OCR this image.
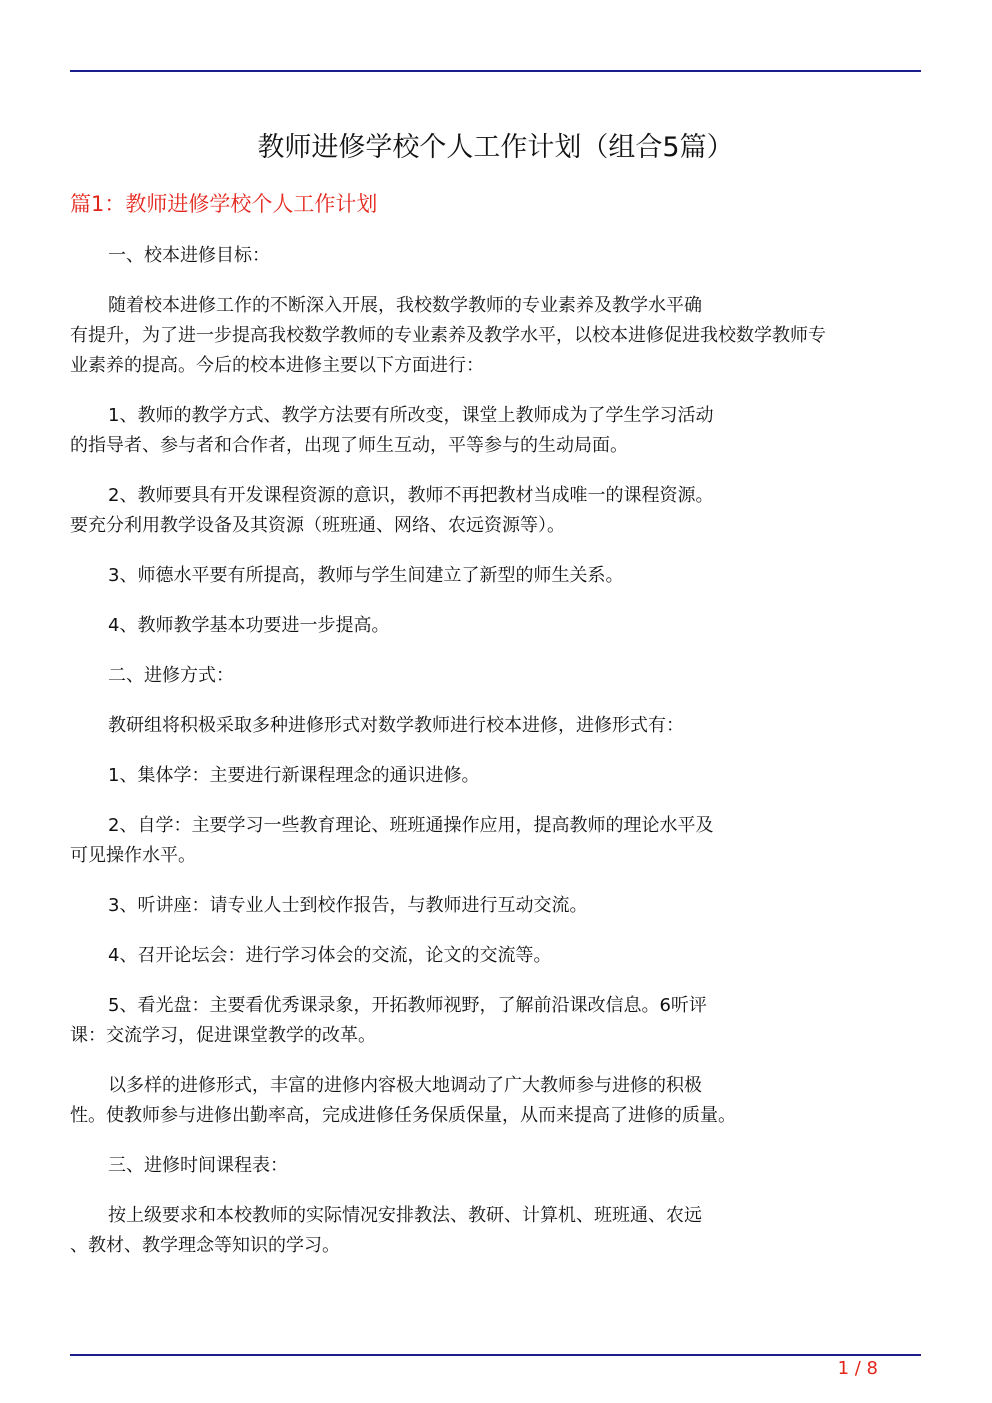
教师进修学校个人工作计划（组合5篇）
篇1：教师进修学校个人工作计划
一、校本进修目标：
随着校本进修工作的不断深入开展，我校数学教师的专业素养及教学水平确
有提升，为了进一步提高我校数学教师的专业素养及教学水平，以校本进修促进我校数学教师专
业素养的提高。今后的校本进修主要以下方面进行：
1、教师的教学方式、教学方法要有所改变，课堂上教师成为了学生学习活动
的指导者、参与者和合作者，出现了师生互动，平等参与的生动局面。
2、教师要具有开发课程资源的意识，教师不再把教材当成唯一的课程资源。
要充分利用教学设备及其资源（班班通、网络、农远资源等）。
3、师德水平要有所提高，教师与学生间建立了新型的师生关系。
4、教师教学基本功要进一步提高。
二、进修方式：
教研组将积极采取多种进修形式对数学教师进行校本进修，进修形式有：
1、集体学：主要进行新课程理念的通识进修。
2、自学：主要学习一些教育理论、班班通操作应用，提高教师的理论水平及
可见操作水平。
3、听讲座：请专业人士到校作报告，与教师进行互动交流。
4、召开论坛会：进行学习体会的交流，论文的交流等。
5、看光盘：主要看优秀课录象，开拓教师视野，了解前沿课改信息。6听评
课：交流学习，促进课堂教学的改革。
以多样的进修形式，丰富的进修内容极大地调动了广大教师参与进修的积极
性。使教师参与进修出勤率高，完成进修任务保质保量，从而来提高了进修的质量。
三、进修时间课程表：
按上级要求和本校教师的实际情况安排教法、教研、计算机、班班通、农远
、教材、教学理念等知识的学习。
1 / 8
